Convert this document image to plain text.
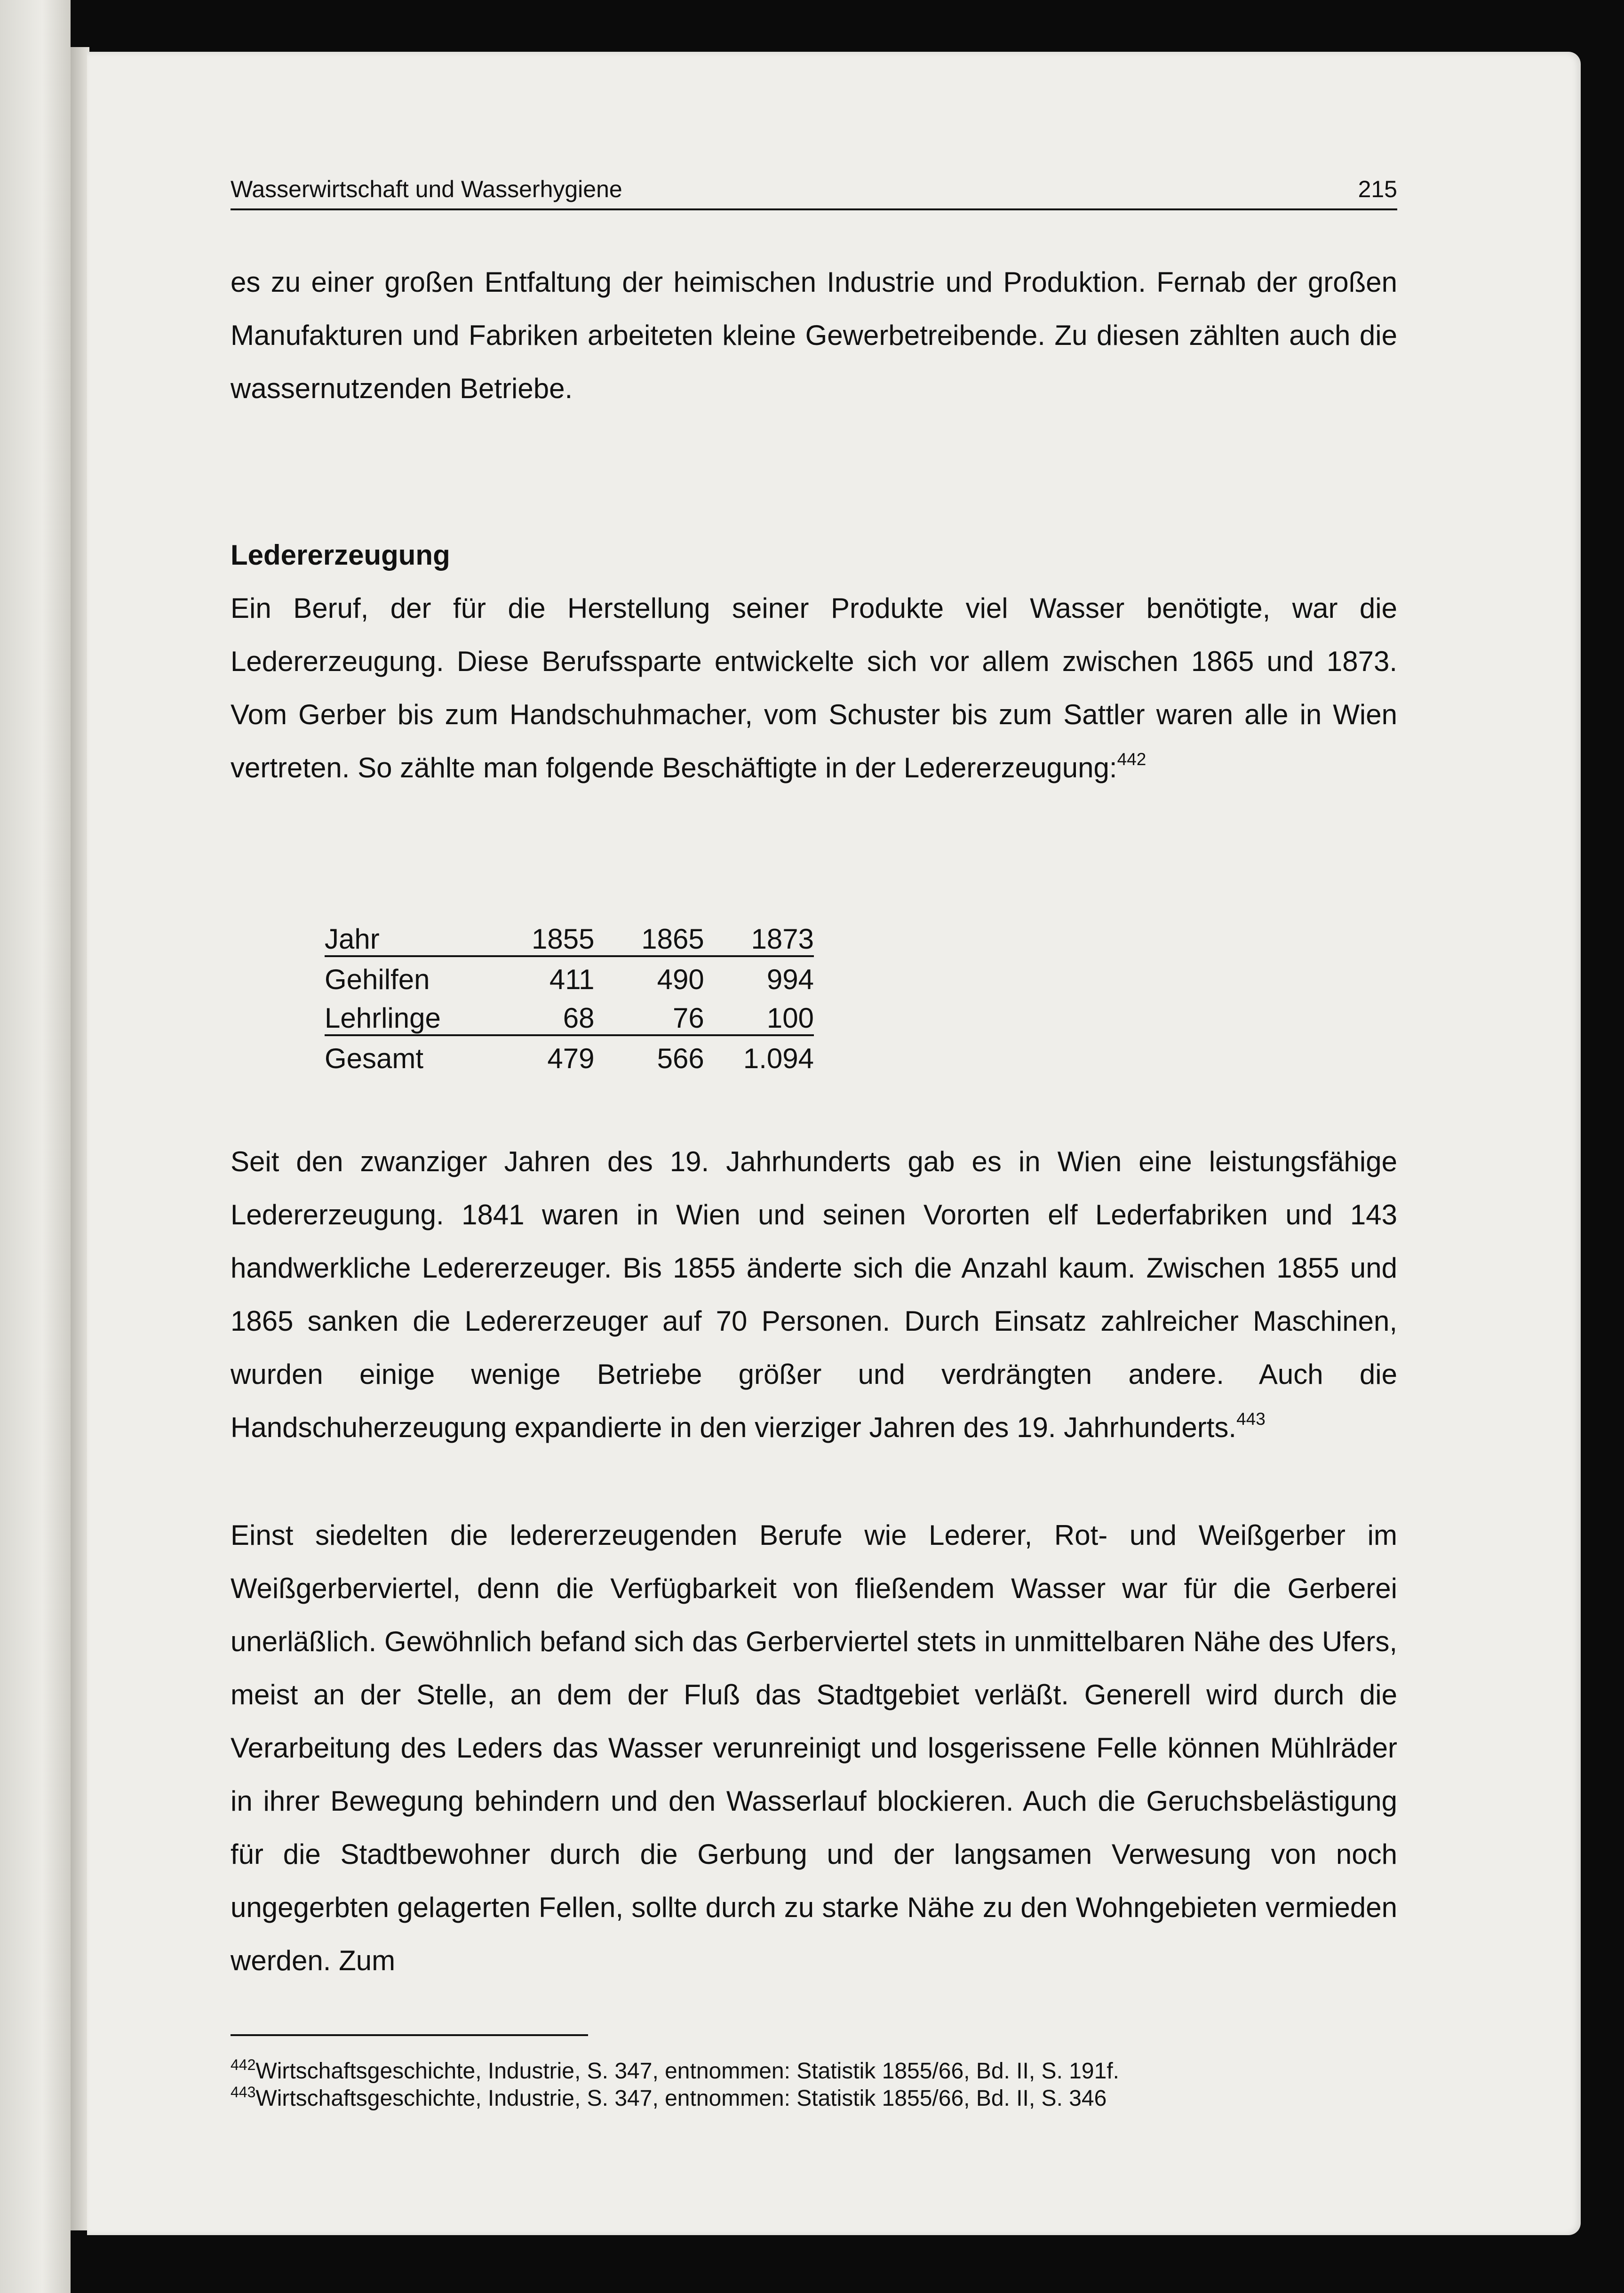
Wasserwirtschaft und Wasserhygiene	215
es zu einer großen Entfaltung der heimischen Industrie und Produktion. Fernab der großen Manufakturen und Fabriken arbeiteten kleine Gewerbetreibende. Zu diesen zählten auch die wassernutzenden Betriebe.
Ledererzeugung
Ein Beruf, der für die Herstellung seiner Produkte viel Wasser benötigte, war die Ledererzeugung. Diese Berufssparte entwickelte sich vor allem zwischen 1865 und 1873. Vom Gerber bis zum Handschuhmacher, vom Schuster bis zum Sattler waren alle in Wien vertreten. So zählte man folgende Beschäftigte in der Ledererzeugung:$^{442}$
Jahr	1855	1865	1873
Gehilfen	411	490	994
Lehrlinge	68	76	100
Gesamt	479	566	1.094
Seit den zwanziger Jahren des 19. Jahrhunderts gab es in Wien eine leistungsfähige Ledererzeugung. 1841 waren in Wien und seinen Vororten elf Lederfabriken und 143 handwerkliche Ledererzeuger. Bis 1855 änderte sich die Anzahl kaum. Zwischen 1855 und 1865 sanken die Ledererzeuger auf 70 Personen. Durch Einsatz zahlreicher Maschinen, wurden einige wenige Betriebe größer und verdrängten andere. Auch die Handschuherzeugung expandierte in den vierziger Jahren des 19. Jahrhunderts.$^{443}$
Einst siedelten die ledererzeugenden Berufe wie Lederer, Rot- und Weißgerber im Weißgerberviertel, denn die Verfügbarkeit von fließendem Wasser war für die Gerberei unerläßlich. Gewöhnlich befand sich das Gerberviertel stets in unmittelbaren Nähe des Ufers, meist an der Stelle, an dem der Fluß das Stadtgebiet verläßt. Generell wird durch die Verarbeitung des Leders das Wasser verunreinigt und losgerissene Felle können Mühlräder in ihrer Bewegung behindern und den Wasserlauf blockieren. Auch die Geruchsbelästigung für die Stadtbewohner durch die Gerbung und der langsamen Verwesung von noch ungegerbten gelagerten Fellen, sollte durch zu starke Nähe zu den Wohngebieten vermieden werden. Zum
$^{442}$Wirtschaftsgeschichte, Industrie, S. 347, entnommen: Statistik 1855/66, Bd. II, S. 191f.
$^{443}$Wirtschaftsgeschichte, Industrie, S. 347, entnommen: Statistik 1855/66, Bd. II, S. 346
